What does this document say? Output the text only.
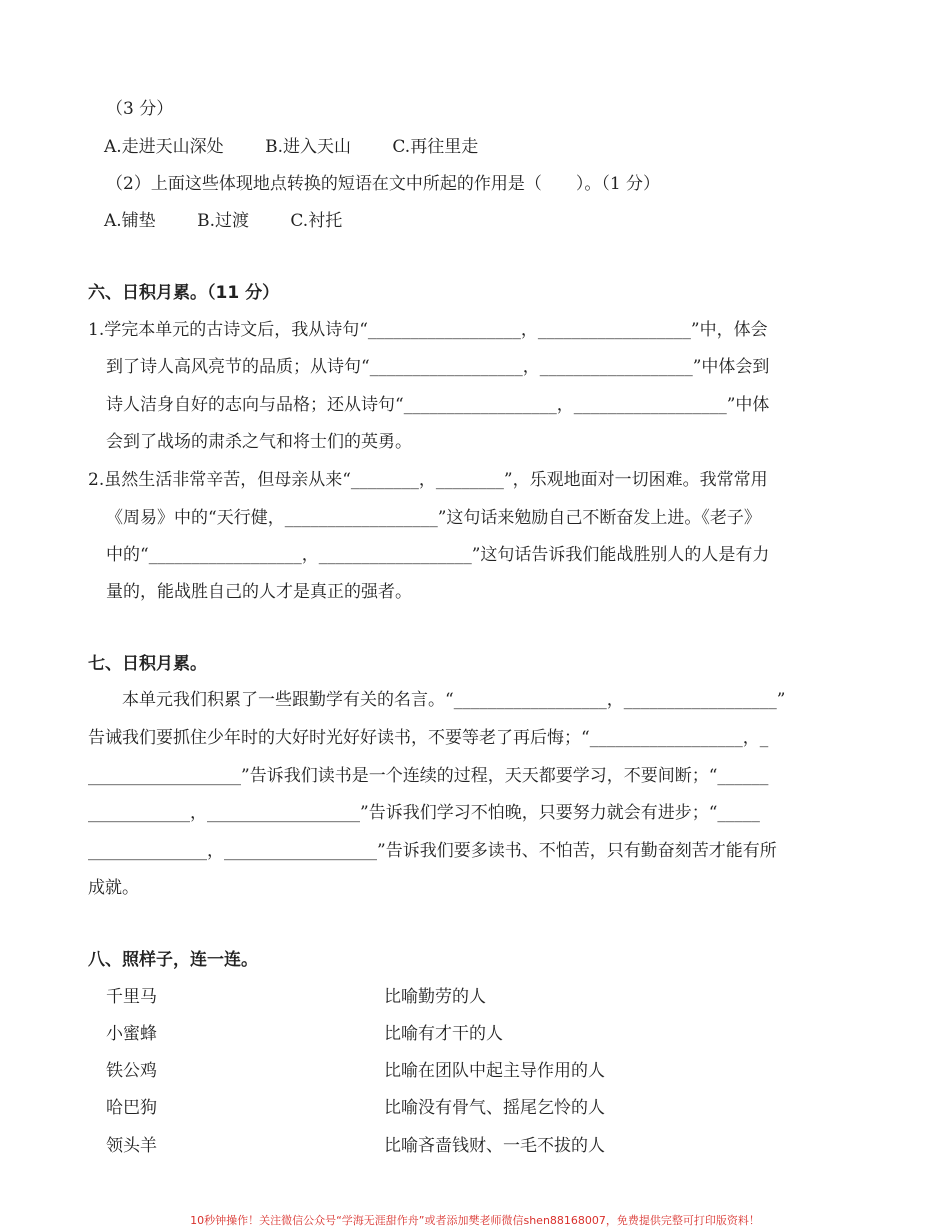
（3 分）
A.走进天山深处 B.进入天山 C.再往里走
（2）上面这些体现地点转换的短语在文中所起的作用是（　　）。（1 分）
A.铺垫 B.过渡 C.衬托
六、日积月累。（11 分）
1.学完本单元的古诗文后，我从诗句“__________________，__________________”中，体会
到了诗人高风亮节的品质；从诗句“__________________，__________________”中体会到
诗人洁身自好的志向与品格；还从诗句“__________________，__________________”中体
会到了战场的肃杀之气和将士们的英勇。
2.虽然生活非常辛苦，但母亲从来“________，________”，乐观地面对一切困难。我常常用
《周易》中的“天行健，__________________”这句话来勉励自己不断奋发上进。《老子》
中的“__________________，__________________”这句话告诉我们能战胜别人的人是有力
量的，能战胜自己的人才是真正的强者。
七、日积月累。
本单元我们积累了一些跟勤学有关的名言。“__________________，__________________”
告诫我们要抓住少年时的大好时光好好读书，不要等老了再后悔；“__________________，_
__________________”告诉我们读书是一个连续的过程，天天都要学习，不要间断；“______
____________，__________________”告诉我们学习不怕晚，只要努力就会有进步；“_____
______________，__________________”告诉我们要多读书、不怕苦，只有勤奋刻苦才能有所
成就。
八、照样子，连一连。
千里马
小蜜蜂
铁公鸡
哈巴狗
领头羊
比喻勤劳的人
比喻有才干的人
比喻在团队中起主导作用的人
比喻没有骨气、摇尾乞怜的人
比喻吝啬钱财、一毛不拔的人
10秒钟操作！关注微信公众号“学海无涯甜作舟”或者添加樊老师微信shen88168007，免费提供完整可打印版资料！
